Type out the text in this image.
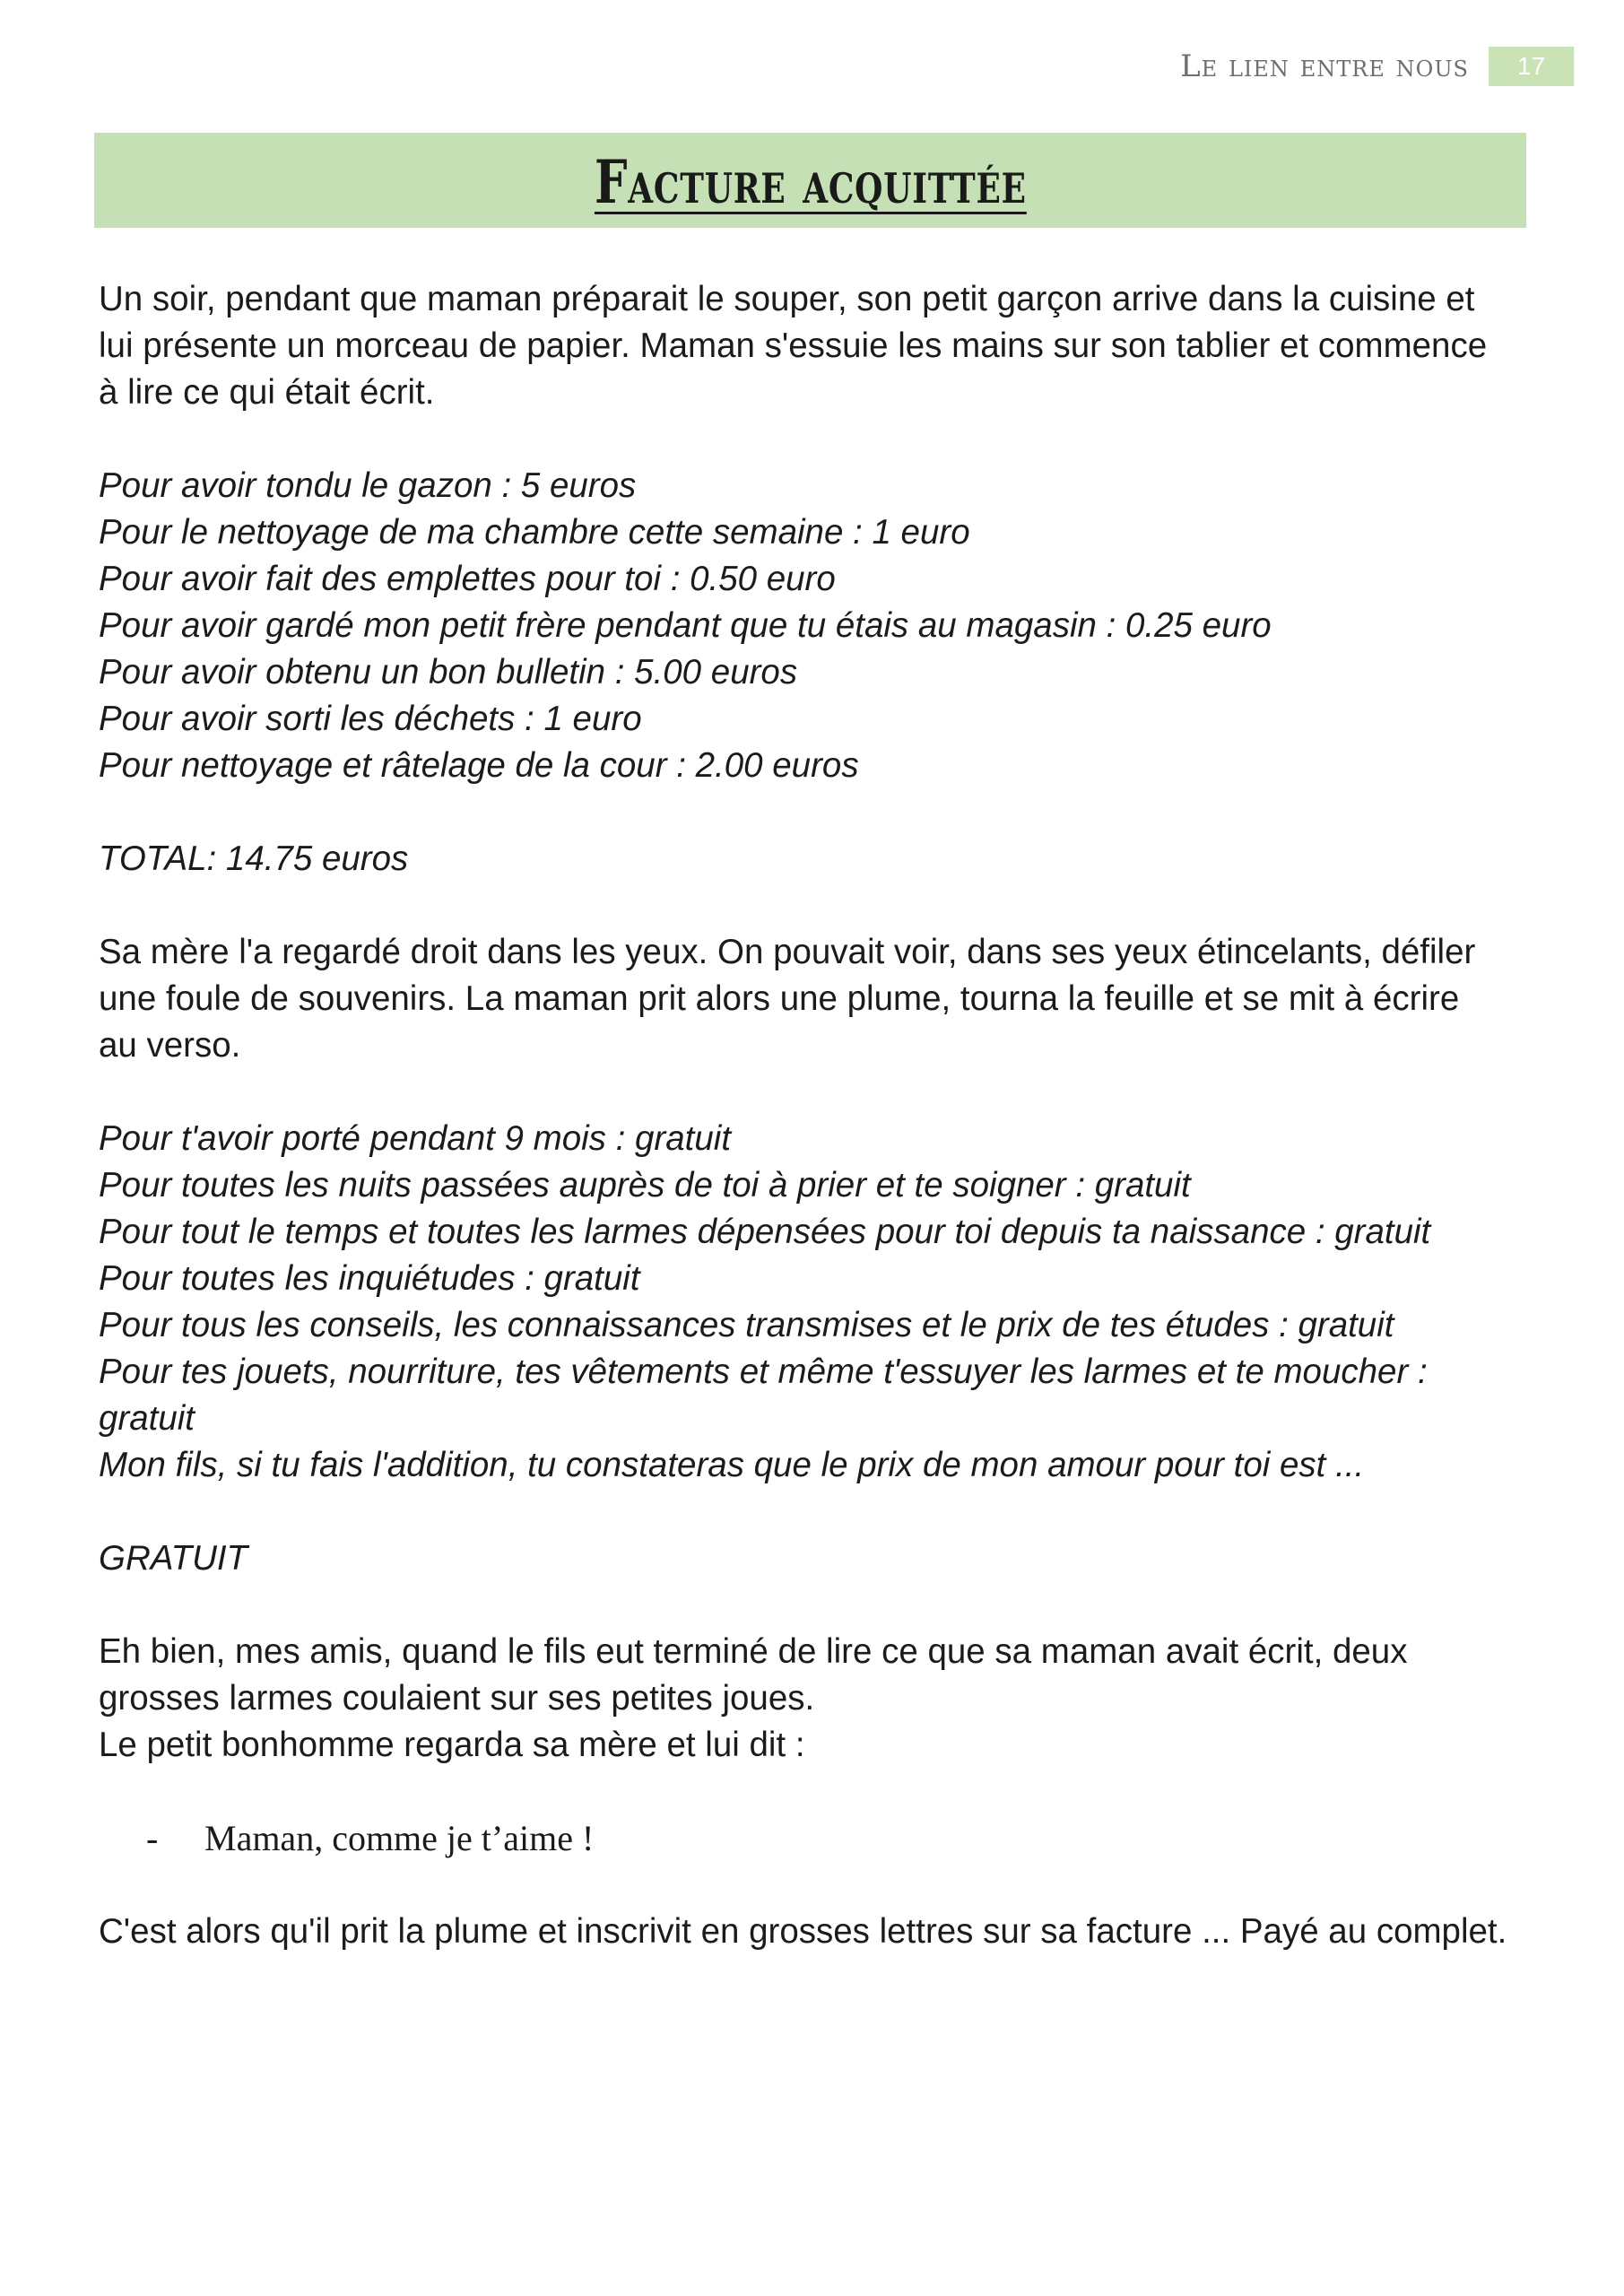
Le lien entre nous	17
Facture acquittée

Un soir, pendant que maman préparait le souper, son petit garçon arrive dans la cuisine et

lui présente un morceau de papier. Maman s'essuie les mains sur son tablier et commence

à lire ce qui était écrit.

Pour avoir tondu le gazon : 5 euros

Pour le nettoyage de ma chambre cette semaine : 1 euro

Pour avoir fait des emplettes pour toi : 0.50 euro

Pour avoir gardé mon petit frère pendant que tu étais au magasin : 0.25 euro

Pour avoir obtenu un bon bulletin : 5.00 euros

Pour avoir sorti les déchets : 1 euro

Pour nettoyage et râtelage de la cour : 2.00 euros

TOTAL: 14.75 euros

Sa mère l'a regardé droit dans les yeux. On pouvait voir, dans ses yeux étincelants, défiler

une foule de souvenirs. La maman prit alors une plume, tourna la feuille et se mit à écrire

au verso.

Pour t'avoir porté pendant 9 mois : gratuit

Pour toutes les nuits passées auprès de toi à prier et te soigner : gratuit

Pour tout le temps et toutes les larmes dépensées pour toi depuis ta naissance : gratuit

Pour toutes les inquiétudes : gratuit

Pour tous les conseils, les connaissances transmises et le prix de tes études : gratuit

Pour tes jouets, nourriture, tes vêtements et même t'essuyer les larmes et te moucher :

gratuit

Mon fils, si tu fais l'addition, tu constateras que le prix de mon amour pour toi est ...

GRATUIT

Eh bien, mes amis, quand le fils eut terminé de lire ce que sa maman avait écrit, deux

grosses larmes coulaient sur ses petites joues.

Le petit bonhomme regarda sa mère et lui dit :

-	Maman, comme je t’aime !

C'est alors qu'il prit la plume et inscrivit en grosses lettres sur sa facture ... Payé au complet.
